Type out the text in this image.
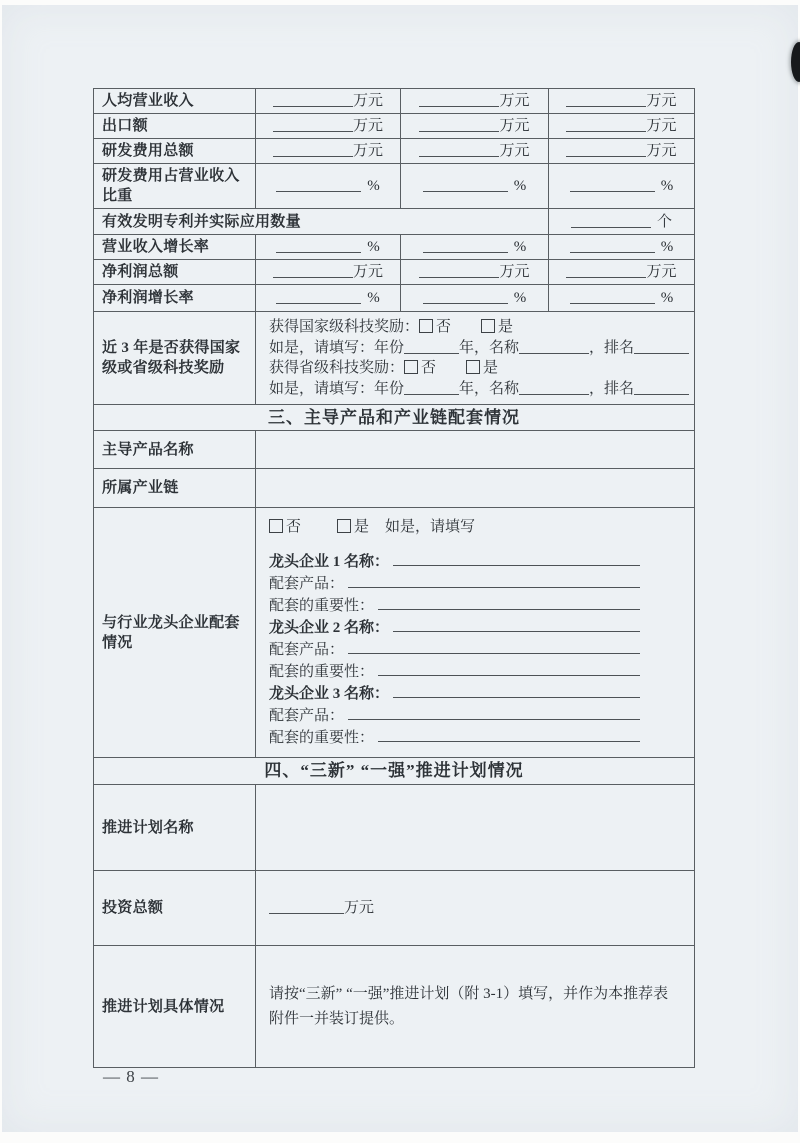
人均营业收入	万元	万元	万元
出口额	万元	万元	万元
研发费用总额	万元	万元	万元
研发费用占营业收入比重	%	%	%
有效发明专利并实际应用数量			个
营业收入增长率	%	%	%
净利润总额	万元	万元	万元
净利润增长率	%	%	%
近 3 年是否获得国家级或省级科技奖励	获得国家级科技奖励： 否 是
如是，请填写：年份 年，名称 ，排名
获得省级科技奖励： 否 是
如是，请填写：年份 年，名称 ，排名		

三、主导产品和产业链配套情况			
主导产品名称			
所属产业链			
与行业龙头企业配套情况	
否	是 如是，请填写
龙头企业 1 名称：
配套产品：
配套的重要性：
龙头企业 2 名称：
配套产品：
配套的重要性：
龙头企业 3 名称：
配套产品：
配套的重要性：

四、“三新” “一强”推进计划情况			
推进计划名称			
投资总额	万元		
推进计划具体情况	请按“三新” “一强”推进计划（附 3-1）填写，并作为本推荐表附件一并装订提供。		
— 8 —
